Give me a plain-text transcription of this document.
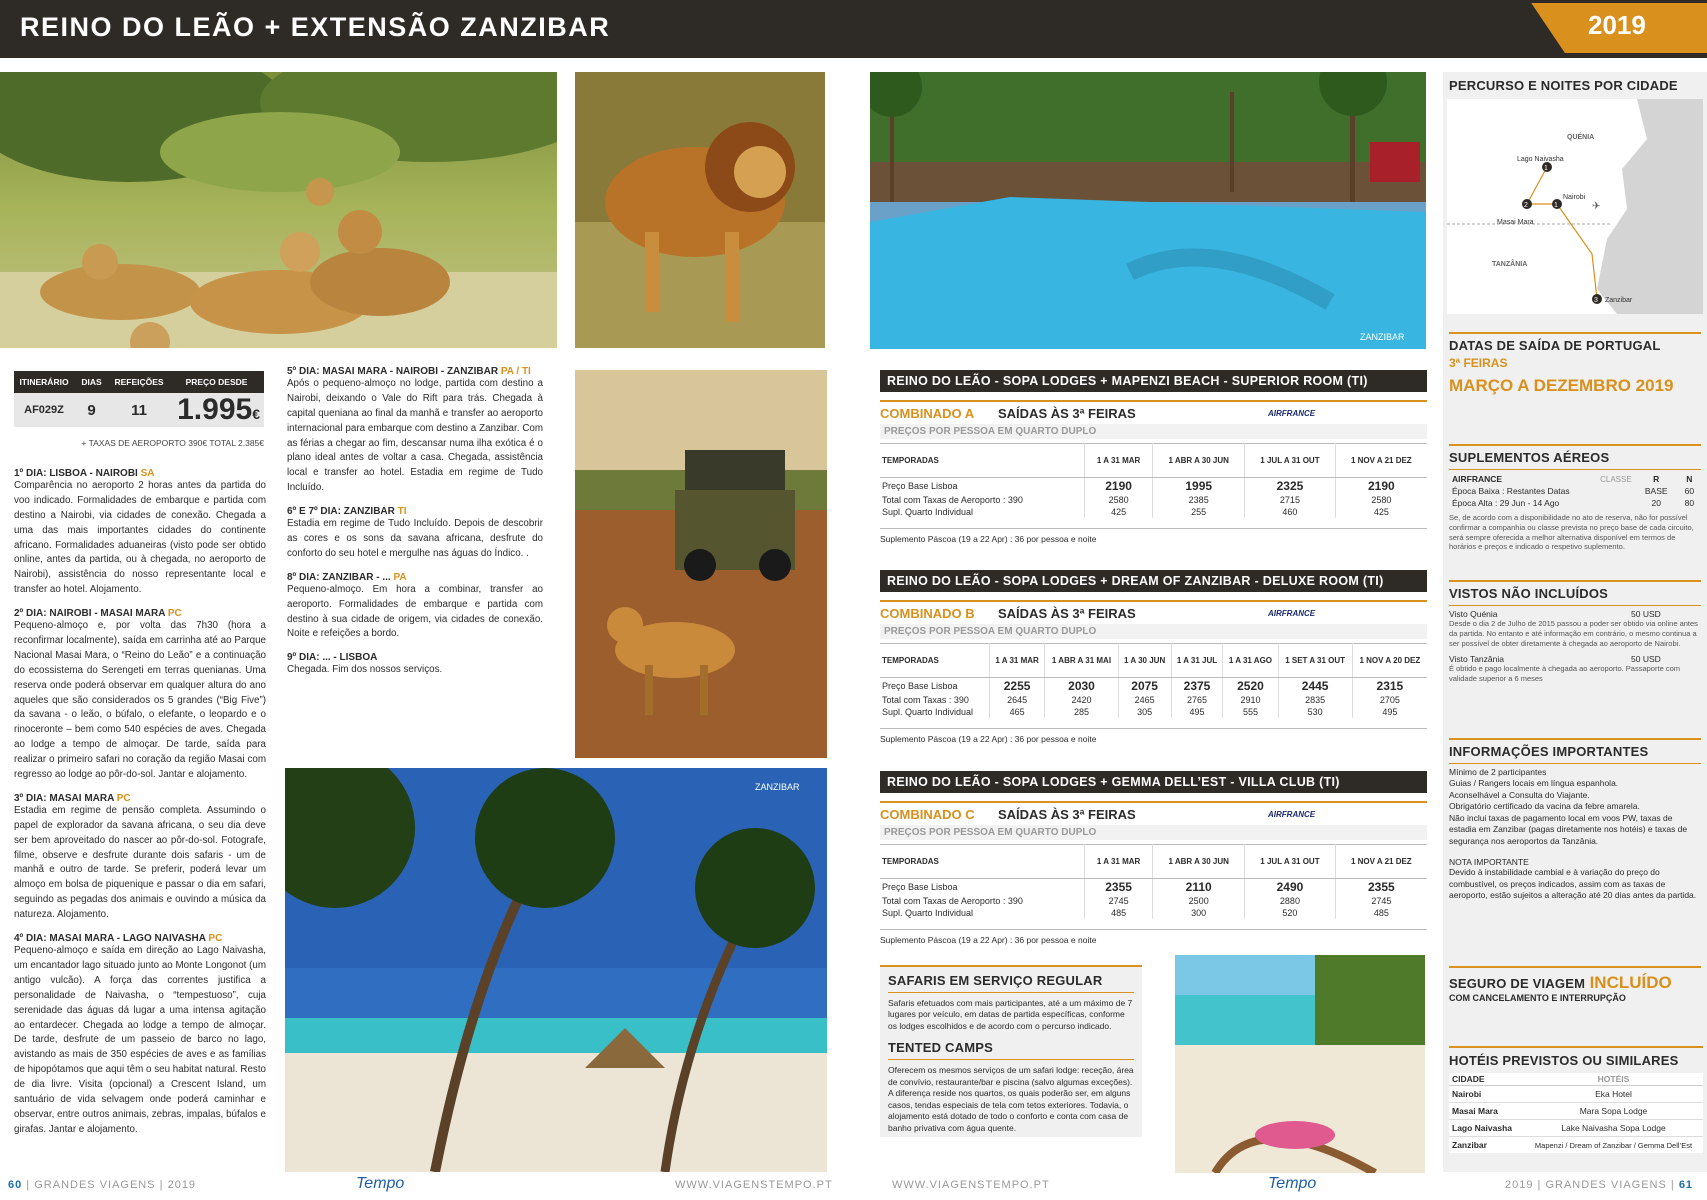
REINO DO LEÃO + EXTENSÃO ZANZIBAR	2019
ZANZIBAR
ZANZIBAR
ITINERÁRIO	DIAS	REFEIÇÕES	PREÇO DESDE
AF029Z	9	11	1.995€
+ TAXAS DE AEROPORTO 390€ TOTAL 2.385€
1º DIA: LISBOA - NAIROBI SA

Comparência no aeroporto 2 horas antes da partida do voo indicado. Formalidades de embarque e partida com destino a Nairobi, via cidades de conexão. Chegada a uma das mais importantes cidades do continente africano. Formalidades aduaneiras (visto pode ser obtido online, antes da partida, ou à chegada, no aeroporto de Nairobi), assistência do nosso representante local e transfer ao hotel. Alojamento.

2º DIA: NAIROBI - MASAI MARA PC

Pequeno-almoço e, por volta das 7h30 (hora a reconfirmar localmente), saída em carrinha até ao Parque Nacional Masai Mara, o “Reino do Leão” e a continuação do ecossistema do Serengeti em terras quenianas. Uma reserva onde poderá observar em qualquer altura do ano aqueles que são considerados os 5 grandes (“Big Five”) da savana - o leão, o búfalo, o elefante, o leopardo e o rinoceronte – bem como 540 espécies de aves. Chegada ao lodge a tempo de almoçar. De tarde, saída para realizar o primeiro safari no coração da região Masai com regresso ao lodge ao pôr-do-sol. Jantar e alojamento.

3º DIA: MASAI MARA PC

Estadia em regime de pensão completa. Assumindo o papel de explorador da savana africana, o seu dia deve ser bem aproveitado do nascer ao pôr-do-sol. Fotografe, filme, observe e desfrute durante dois safaris - um de manhã e outro de tarde. Se preferir, poderá levar um almoço em bolsa de piquenique e passar o dia em safari, seguindo as pegadas dos animais e ouvindo a música da natureza. Alojamento.

4º DIA: MASAI MARA - LAGO NAIVASHA PC

Pequeno-almoço e saída em direção ao Lago Naivasha, um encantador lago situado junto ao Monte Longonot (um antigo vulcão). A força das correntes justifica a personalidade de Naivasha, o “tempestuoso”, cuja serenidade das águas dá lugar a uma intensa agitação ao entardecer. Chegada ao lodge a tempo de almoçar. De tarde, desfrute de um passeio de barco no lago, avistando as mais de 350 espécies de aves e as famílias de hipopótamos que aqui têm o seu habitat natural. Resto de dia livre. Visita (opcional) a Crescent Island, um santuário de vida selvagem onde poderá caminhar e observar, entre outros animais, zebras, impalas, búfalos e girafas. Jantar e alojamento.

5º DIA: MASAI MARA - NAIROBI - ZANZIBAR PA / TI

Após o pequeno-almoço no lodge, partida com destino a Nairobi, deixando o Vale do Rift para trás. Chegada à capital queniana ao final da manhã e transfer ao aeroporto internacional para embarque com destino a Zanzibar. Com as férias a chegar ao fim, descansar numa ilha exótica é o plano ideal antes de voltar a casa. Chegada, assistência local e transfer ao hotel. Estadia em regime de Tudo Incluído.

6º E 7º DIA: ZANZIBAR TI

Estadia em regime de Tudo Incluído. Depois de descobrir as cores e os sons da savana africana, desfrute do conforto do seu hotel e mergulhe nas águas do Índico. .

8º DIA: ZANZIBAR - ... PA

Pequeno-almoço. Em hora a combinar, transfer ao aeroporto. Formalidades de embarque e partida com destino à sua cidade de origem, via cidades de conexão. Noite e refeições a bordo.

9º DIA: ... - LISBOA

Chegada. Fim dos nossos serviços.

REINO DO LEÃO - SOPA LODGES + MAPENZI BEACH - SUPERIOR ROOM (TI)
COMBINADO A	SAÍDAS ÀS 3ª FEIRAS	AIRFRANCE
PREÇOS POR PESSOA EM QUARTO DUPLO
TEMPORADAS	1 A 31 MAR	1 ABR A 30 JUN	1 JUL A 31 OUT	1 NOV A 21 DEZ
Preço Base Lisboa	2190	1995	2325	2190
Total com Taxas de Aeroporto : 390	2580	2385	2715	2580
Supl. Quarto Individual	425	255	460	425
Suplemento Páscoa (19 a 22 Apr) : 36 por pessoa e noite
REINO DO LEÃO - SOPA LODGES + DREAM OF ZANZIBAR - DELUXE ROOM (TI)
COMBINADO B	SAÍDAS ÀS 3ª FEIRAS	AIRFRANCE
PREÇOS POR PESSOA EM QUARTO DUPLO
TEMPORADAS	1 A 31 MAR	1 ABR A 31 MAI	1 A 30 JUN	1 A 31 JUL	1 A 31 AGO	1 SET A 31 OUT	1 NOV A 20 DEZ
Preço Base Lisboa	2255	2030	2075	2375	2520	2445	2315
Total com Taxas : 390	2645	2420	2465	2765	2910	2835	2705
Supl. Quarto Individual	465	285	305	495	555	530	495
Suplemento Páscoa (19 a 22 Apr) : 36 por pessoa e noite
REINO DO LEÃO - SOPA LODGES + GEMMA DELL’EST - VILLA CLUB (TI)
COMBINADO C	SAÍDAS ÀS 3ª FEIRAS	AIRFRANCE
PREÇOS POR PESSOA EM QUARTO DUPLO
TEMPORADAS	1 A 31 MAR	1 ABR A 30 JUN	1 JUL A 31 OUT	1 NOV A 21 DEZ
Preço Base Lisboa	2355	2110	2490	2355
Total com Taxas de Aeroporto : 390	2745	2500	2880	2745
Supl. Quarto Individual	485	300	520	485
Suplemento Páscoa (19 a 22 Apr) : 36 por pessoa e noite
SAFARIS EM SERVIÇO REGULAR
Safaris efetuados com mais participantes, até a um máximo de 7 lugares por veículo, em datas de partida específicas, conforme os lodges escolhidos e de acordo com o percurso indicado.
TENTED CAMPS
Oferecem os mesmos serviços de um safari lodge: receção, área de convívio, restaurante/bar e piscina (salvo algumas exceções). A diferença reside nos quartos, os quais poderão ser, em alguns casos, tendas especiais de tela com tetos exteriores. Todavia, o alojamento está dotado de todo o conforto e conta com casa de banho privativa com água quente.
PERCURSO E NOITES POR CIDADE
1
2	1
3
QUÉNIA
TANZÂNIA
Lago Naivasha
Nairobi
Masai Mara
Zanzibar
✈
DATAS DE SAÍDA DE PORTUGAL
3ª FEIRAS
MARÇO A DEZEMBRO 2019
SUPLEMENTOS AÉREOS
AIRFRANCE	CLASSE	R	N
Época Baixa : Restantes Datas		BASE	60
Época Alta : 29 Jun - 14 Ago		20	80
Se, de acordo com a disponibilidade no ato de reserva, não for possível confirmar a companhia ou classe prevista no preço base de cada circuito, será sempre oferecida a melhor alternativa disponível em termos de horários e preços e indicado o respetivo suplemento.
VISTOS NÃO INCLUÍDOS
Visto Quénia	50 USD
Desde o dia 2 de Julho de 2015 passou a poder ser obtido via online antes da partida. No entanto e até informação em contrário, o mesmo continua a ser possível de obter diretamente à chegada ao aeroporto de Nairobi.
Visto Tanzânia	50 USD
É obtido e pago localmente à chegada ao aeroporto. Passaporte com validade superior a 6 meses
INFORMAÇÕES IMPORTANTES
Mínimo de 2 participantes
Guias / Rangers locais em língua espanhola.
Aconselhável a Consulta do Viajante.
Obrigatório certificado da vacina da febre amarela.
Não inclui taxas de pagamento local em voos PW, taxas de estadia em Zanzibar (pagas diretamente nos hotéis) e taxas de segurança nos aeroportos da Tanzânia.
NOTA IMPORTANTE
Devido à instabilidade cambial e à variação do preço do combustível, os preços indicados, assim com as taxas de aeroporto, estão sujeitos a alteração até 20 dias antes da partida.
SEGURO DE VIAGEM INCLUÍDO
COM CANCELAMENTO E INTERRUPÇÃO
HOTÉIS PREVISTOS OU SIMILARES
CIDADE	HOTÉIS
Nairobi	Eka Hotel
Masai Mara	Mara Sopa Lodge
Lago Naivasha	Lake Naivasha Sopa Lodge
Zanzibar	Mapenzi / Dream of Zanzibar / Gemma Dell’Est
60 | GRANDES VIAGENS | 2019	Tempo	WWW.VIAGENSTEMPO.PT	WWW.VIAGENSTEMPO.PT	Tempo	2019 | GRANDES VIAGENS | 61
